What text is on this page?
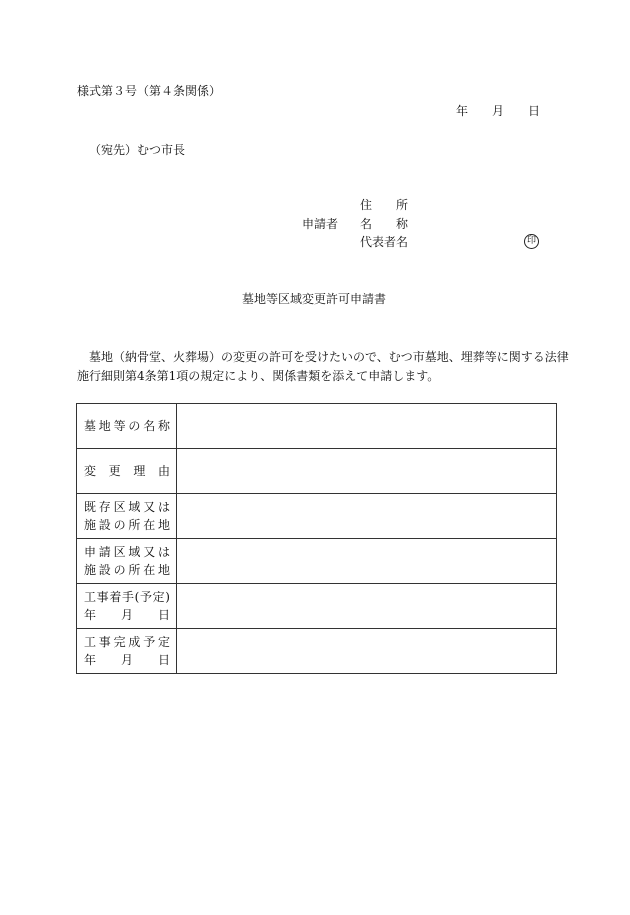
様式第３号（第４条関係）
年 月 日
（宛先）むつ市長
住 所
申請者 名 称
代表者名	印
墓地等区域変更許可申請書
墓地（納骨堂、火葬場）の変更の許可を受けたいので、むつ市墓地、埋葬等に関する法律
施行細則第4条第1項の規定により、関係書類を添えて申請します。
墓地等の名称	

変更理由	

既存区域又は
施設の所在地	

申請区域又は
施設の所在地	

工事着手(予定)
年月日	

工事完成予定
年月日	
